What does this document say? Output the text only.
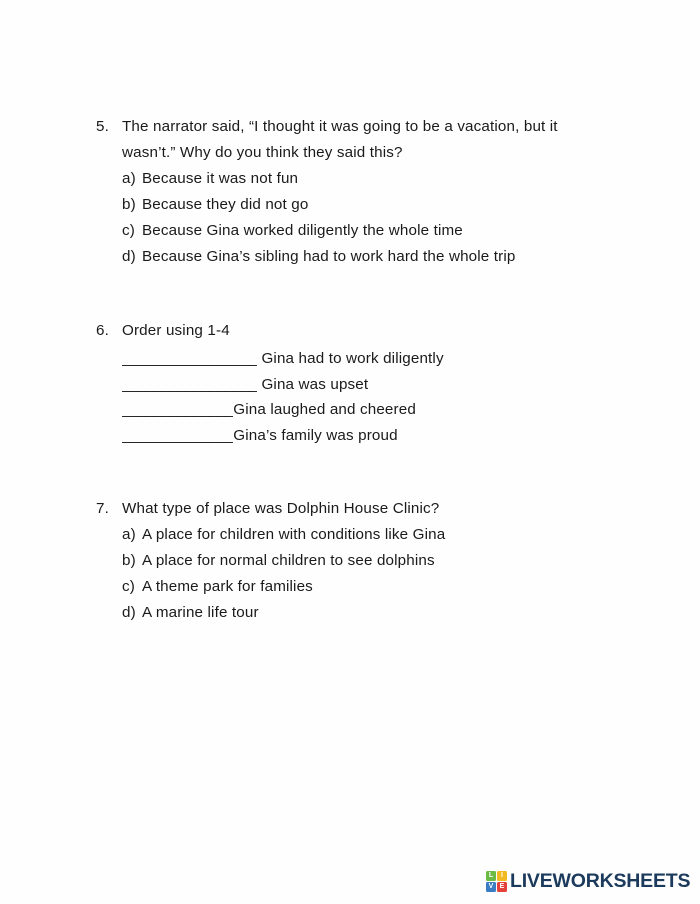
5. The narrator said, “I thought it was going to be a vacation, but it wasn’t.” Why do you think they said this?
a) Because it was not fun
b) Because they did not go
c) Because Gina worked diligently the whole time
d) Because Gina’s sibling had to work hard the whole trip
6. Order using 1-4
_________________ Gina had to work diligently
_________________ Gina was upset
______________ Gina laughed and cheered
______________ Gina’s family was proud
7. What type of place was Dolphin House Clinic?
a) A place for children with conditions like Gina
b) A place for normal children to see dolphins
c) A theme park for families
d) A marine life tour
L	I
V E LIVEWORKSHEETS
